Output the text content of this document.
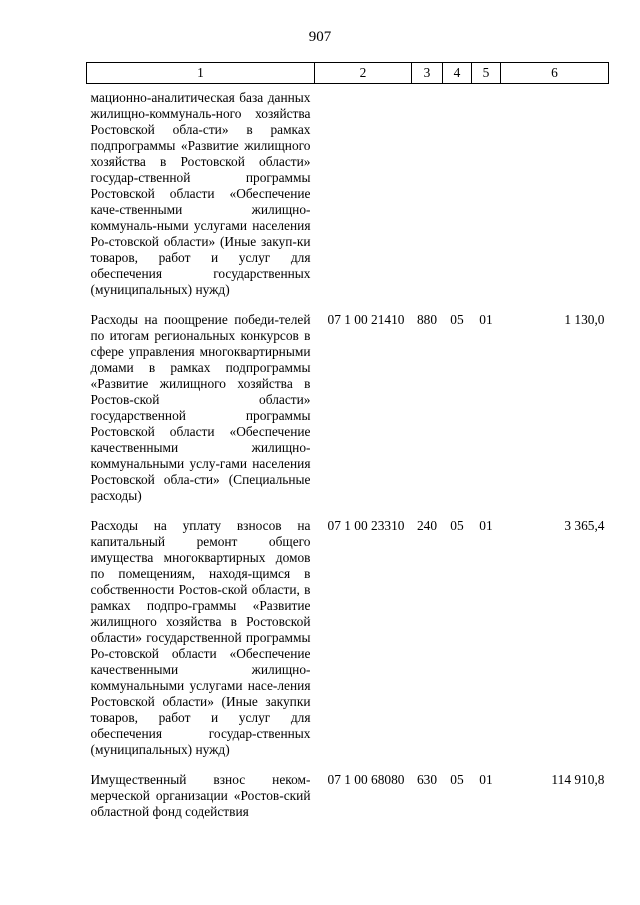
907
1	2	3	4	5	6

мационно-аналитическая база данных жилищно-коммуналь-ного хозяйства Ростовской обла-сти» в рамках подпрограммы «Развитие жилищного хозяйства в Ростовской области» государ-ственной программы Ростовской области «Обеспечение каче-ственными жилищно-коммуналь-ными услугами населения Ро-стовской области» (Иные закуп-ки товаров, работ и услуг для обеспечения государственных (муниципальных) нужд)					

Расходы на поощрение победи-телей по итогам региональных конкурсов в сфере управления многоквартирными домами в рамках подпрограммы «Развитие жилищного хозяйства в Ростов-ской области» государственной программы Ростовской области «Обеспечение качественными жилищно-коммунальными услу-гами населения Ростовской обла-сти» (Специальные расходы)	07 1 00 21410	880	05	01	1 130,0

Расходы на уплату взносов на капитальный ремонт общего имущества многоквартирных домов по помещениям, находя-щимся в собственности Ростов-ской области, в рамках подпро-граммы «Развитие жилищного хозяйства в Ростовской области» государственной программы Ро-стовской области «Обеспечение качественными жилищно-коммунальными услугами насе-ления Ростовской области» (Иные закупки товаров, работ и услуг для обеспечения государ-ственных (муниципальных) нужд)	07 1 00 23310	240	05	01	3 365,4

Имущественный взнос неком-мерческой организации «Ростов-ский областной фонд содействия	07 1 00 68080	630	05	01	114 910,8
